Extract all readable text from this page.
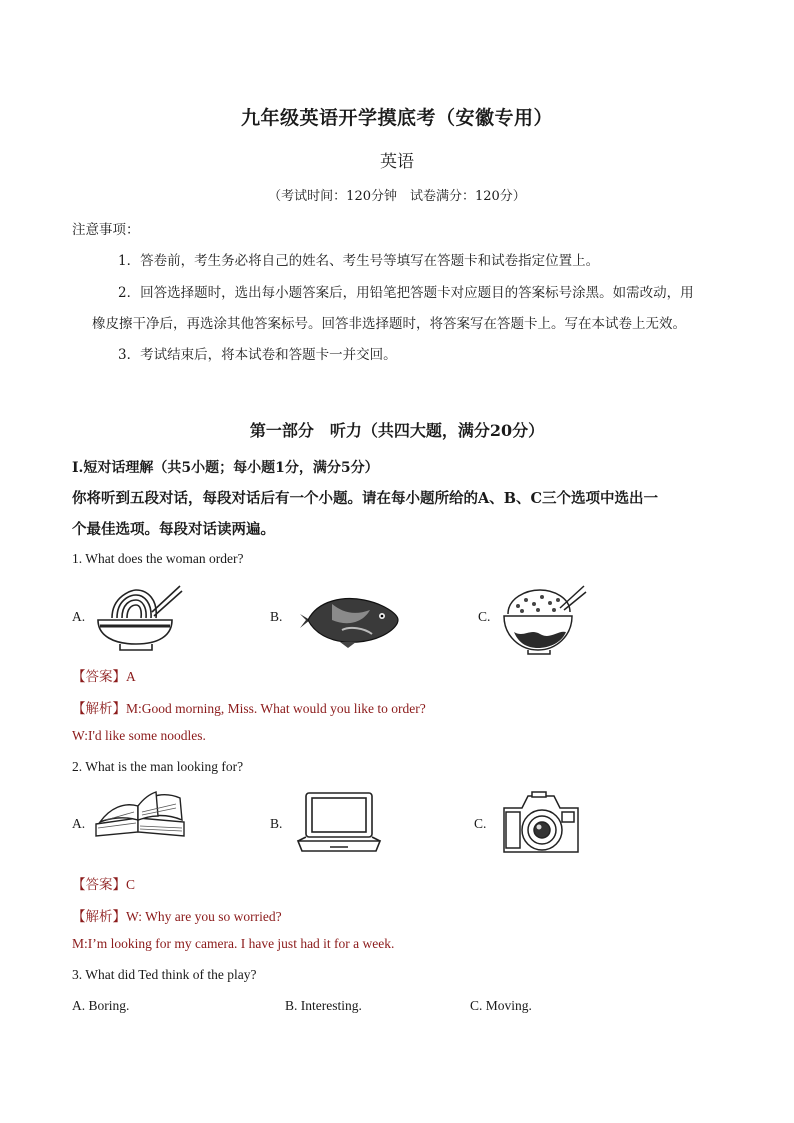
九年级英语开学摸底考（安徽专用）
英语
（考试时间：120分钟　试卷满分：120分）
注意事项：
1．答卷前，考生务必将自己的姓名、考生号等填写在答题卡和试卷指定位置上。
2．回答选择题时，选出每小题答案后，用铅笔把答题卡对应题目的答案标号涂黑。如需改动，用
橡皮擦干净后，再选涂其他答案标号。回答非选择题时，将答案写在答题卡上。写在本试卷上无效。
3．考试结束后，将本试卷和答题卡一并交回。
第一部分　听力（共四大题，满分20分）
Ⅰ.短对话理解（共5小题；每小题1分，满分5分）
你将听到五段对话，每段对话后有一个小题。请在每小题所给的A、B、C三个选项中选出一
个最佳选项。每段对话读两遍。
1. What does the woman order?
A.	B.	C.
【答案】A
【解析】M:Good morning, Miss. What would you like to order?
W:I'd like some noodles.
2. What is the man looking for?
A.	B.	C.
【答案】C
【解析】W: Why are you so worried?
M:I’m looking for my camera. I have just had it for a week.
3. What did Ted think of the play?
A. Boring.	B. Interesting.	C. Moving.
